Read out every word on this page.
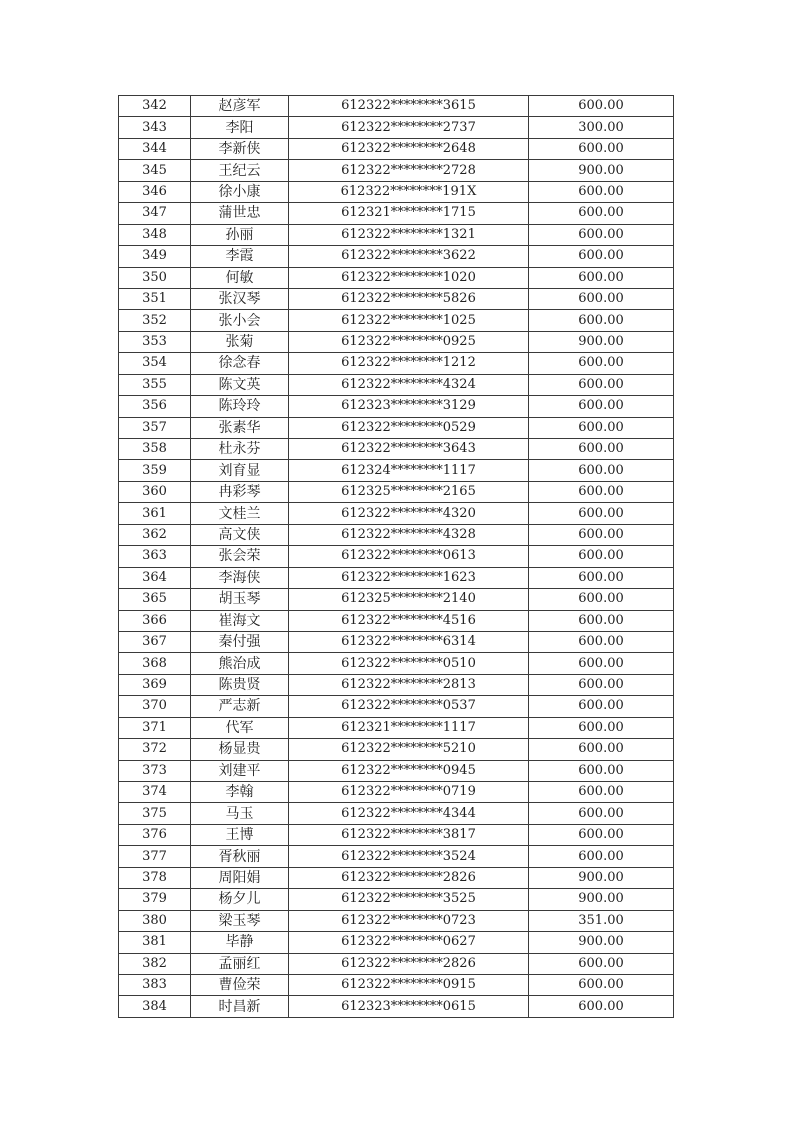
342	赵彦军	612322********3615	600.00
343	李阳	612322********2737	300.00
344	李新侠	612322********2648	600.00
345	王纪云	612322********2728	900.00
346	徐小康	612322********191X	600.00
347	蒲世忠	612321********1715	600.00
348	孙丽	612322********1321	600.00
349	李霞	612322********3622	600.00
350	何敏	612322********1020	600.00
351	张汉琴	612322********5826	600.00
352	张小会	612322********1025	600.00
353	张菊	612322********0925	900.00
354	徐念春	612322********1212	600.00
355	陈文英	612322********4324	600.00
356	陈玲玲	612323********3129	600.00
357	张素华	612322********0529	600.00
358	杜永芬	612322********3643	600.00
359	刘育显	612324********1117	600.00
360	冉彩琴	612325********2165	600.00
361	文桂兰	612322********4320	600.00
362	高文侠	612322********4328	600.00
363	张会荣	612322********0613	600.00
364	李海侠	612322********1623	600.00
365	胡玉琴	612325********2140	600.00
366	崔海文	612322********4516	600.00
367	秦付强	612322********6314	600.00
368	熊治成	612322********0510	600.00
369	陈贵贤	612322********2813	600.00
370	严志新	612322********0537	600.00
371	代军	612321********1117	600.00
372	杨显贵	612322********5210	600.00
373	刘建平	612322********0945	600.00
374	李翰	612322********0719	600.00
375	马玉	612322********4344	600.00
376	王博	612322********3817	600.00
377	胥秋丽	612322********3524	600.00
378	周阳娟	612322********2826	900.00
379	杨夕儿	612322********3525	900.00
380	梁玉琴	612322********0723	351.00
381	毕静	612322********0627	900.00
382	孟丽红	612322********2826	600.00
383	曹俭荣	612322********0915	600.00
384	时昌新	612323********0615	600.00
